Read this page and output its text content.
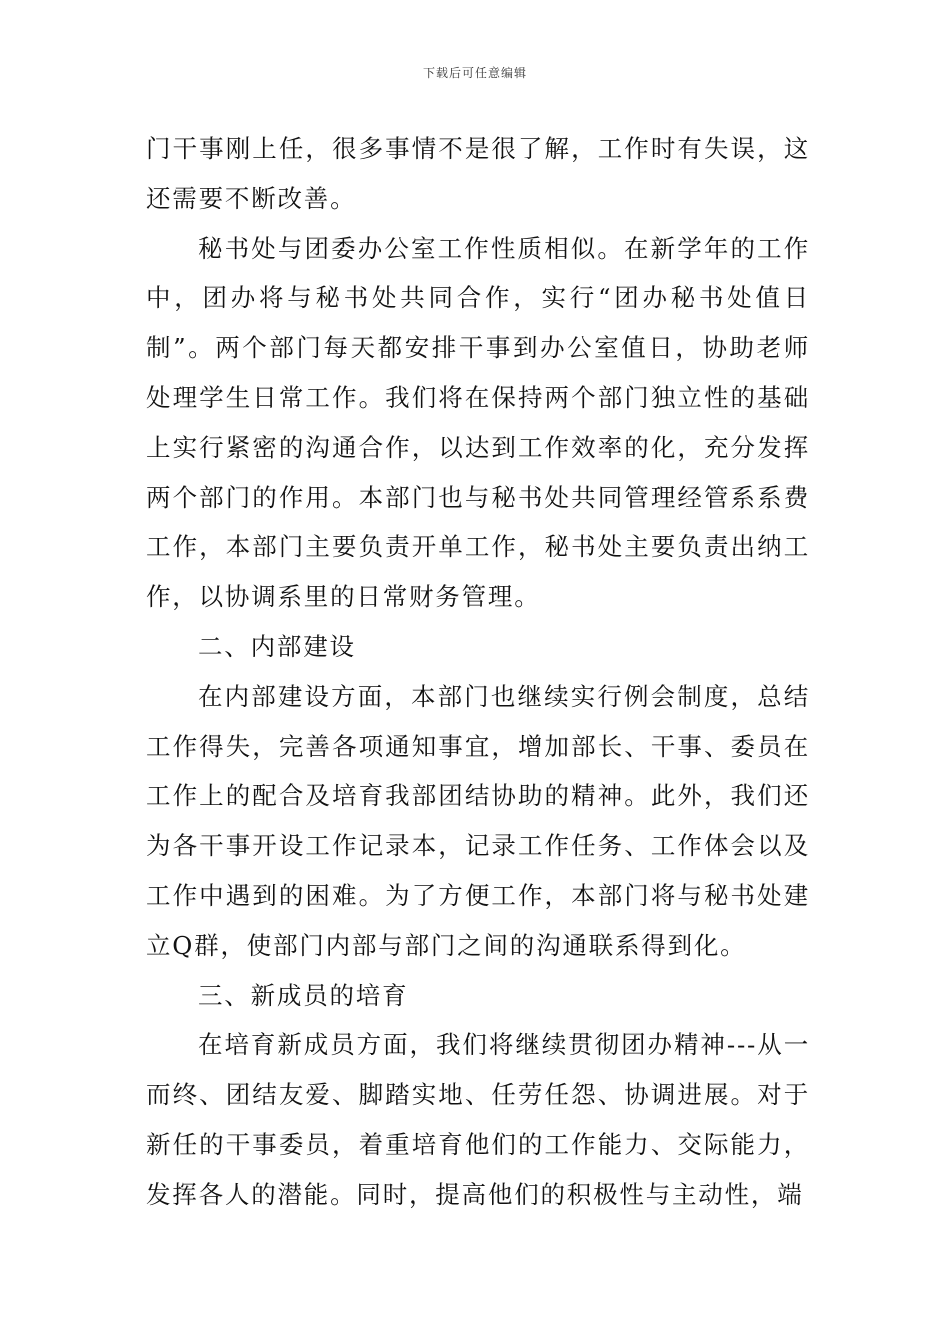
下载后可任意编辑

门干事刚上任，很多事情不是很了解，工作时有失误，这还需要不断改善。

秘书处与团委办公室工作性质相似。在新学年的工作中，团办将与秘书处共同合作，实行“团办秘书处值日制”。两个部门每天都安排干事到办公室值日，协助老师处理学生日常工作。我们将在保持两个部门独立性的基础上实行紧密的沟通合作，以达到工作效率的化，充分发挥两个部门的作用。本部门也与秘书处共同管理经管系系费工作，本部门主要负责开单工作，秘书处主要负责出纳工作，以协调系里的日常财务管理。

二、内部建设

在内部建设方面，本部门也继续实行例会制度，总结工作得失，完善各项通知事宜，增加部长、干事、委员在工作上的配合及培育我部团结协助的精神。此外，我们还为各干事开设工作记录本，记录工作任务、工作体会以及工作中遇到的困难。为了方便工作，本部门将与秘书处建立Q群，使部门内部与部门之间的沟通联系得到化。

三、新成员的培育

在培育新成员方面，我们将继续贯彻团办精神---从一而终、团结友爱、脚踏实地、任劳任怨、协调进展。对于新任的干事委员，着重培育他们的工作能力、交际能力，发挥各人的潜能。同时，提高他们的积极性与主动性，端
